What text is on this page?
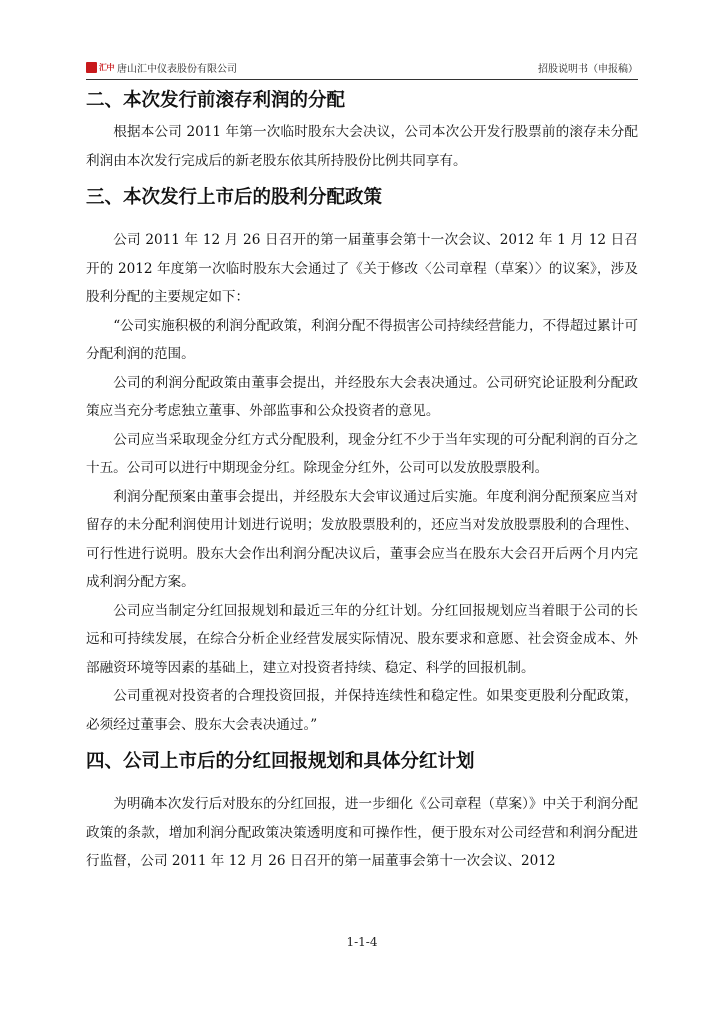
汇中 唐山汇中仪表股份有限公司	招股说明书（申报稿）
二、本次发行前滚存利润的分配

根据本公司 2011 年第一次临时股东大会决议，公司本次公开发行股票前的滚存未分配利润由本次发行完成后的新老股东依其所持股份比例共同享有。

三、本次发行上市后的股利分配政策

公司 2011 年 12 月 26 日召开的第一届董事会第十一次会议、2012 年 1 月 12 日召开的 2012 年度第一次临时股东大会通过了《关于修改〈公司章程（草案）〉的议案》，涉及股利分配的主要规定如下：

“公司实施积极的利润分配政策，利润分配不得损害公司持续经营能力，不得超过累计可分配利润的范围。

公司的利润分配政策由董事会提出，并经股东大会表决通过。公司研究论证股利分配政策应当充分考虑独立董事、外部监事和公众投资者的意见。

公司应当采取现金分红方式分配股利，现金分红不少于当年实现的可分配利润的百分之十五。公司可以进行中期现金分红。除现金分红外，公司可以发放股票股利。

利润分配预案由董事会提出，并经股东大会审议通过后实施。年度利润分配预案应当对留存的未分配利润使用计划进行说明；发放股票股利的，还应当对发放股票股利的合理性、可行性进行说明。股东大会作出利润分配决议后，董事会应当在股东大会召开后两个月内完成利润分配方案。

公司应当制定分红回报规划和最近三年的分红计划。分红回报规划应当着眼于公司的长远和可持续发展，在综合分析企业经营发展实际情况、股东要求和意愿、社会资金成本、外部融资环境等因素的基础上，建立对投资者持续、稳定、科学的回报机制。

公司重视对投资者的合理投资回报，并保持连续性和稳定性。如果变更股利分配政策，必须经过董事会、股东大会表决通过。”

四、公司上市后的分红回报规划和具体分红计划

为明确本次发行后对股东的分红回报，进一步细化《公司章程（草案）》中关于利润分配政策的条款，增加利润分配政策决策透明度和可操作性，便于股东对公司经营和利润分配进行监督，公司 2011 年 12 月 26 日召开的第一届董事会第十一次会议、2012

1-1-4
